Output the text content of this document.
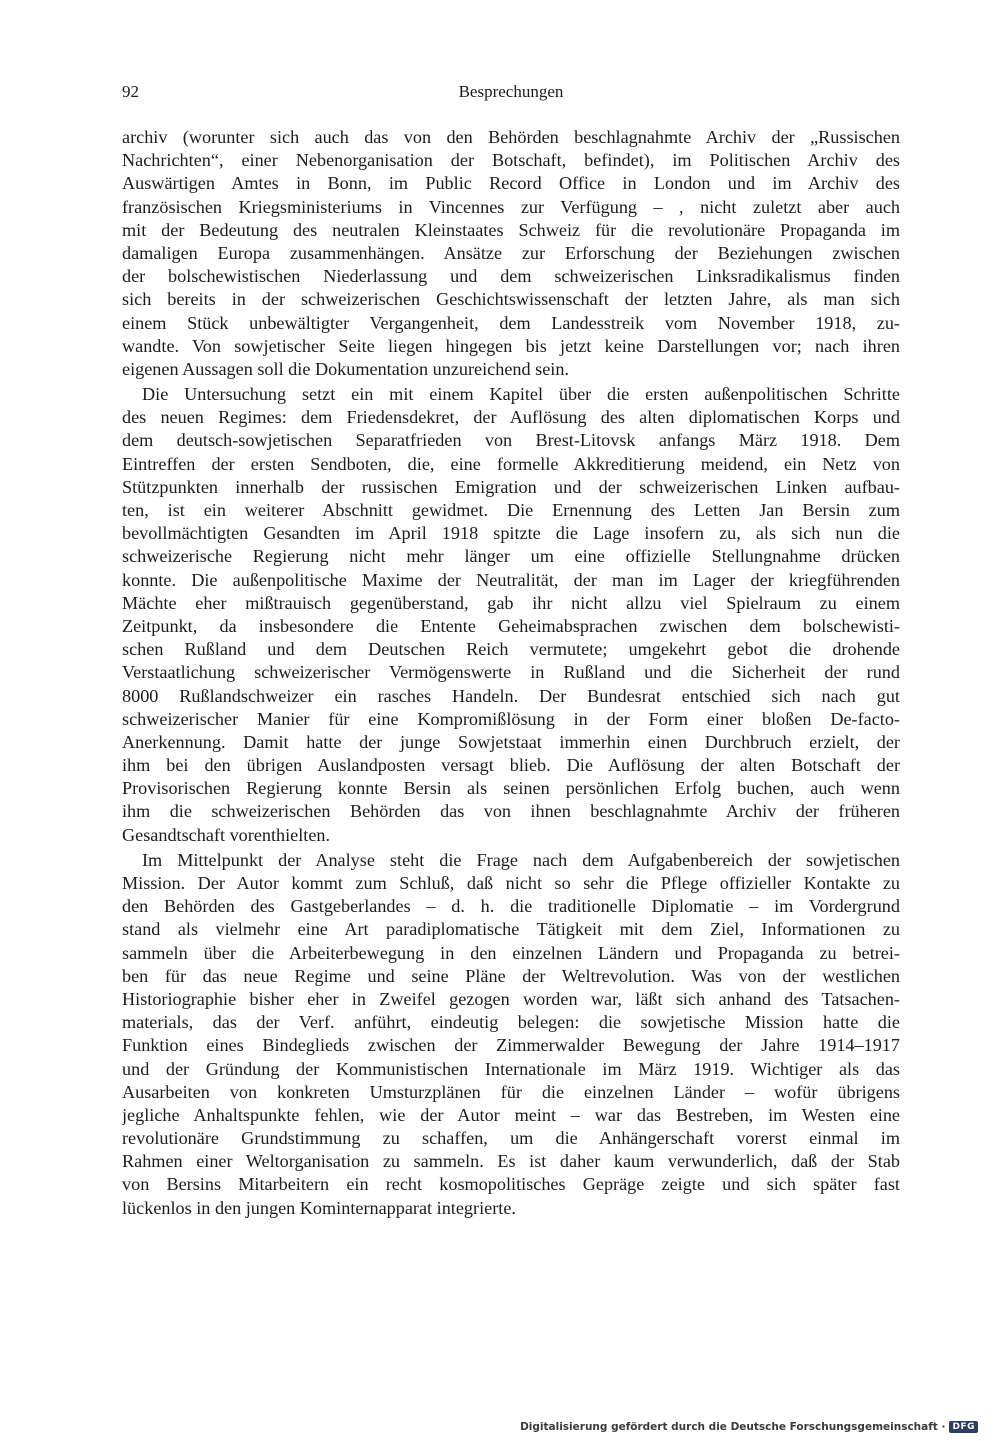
92	Besprechungen
archiv (worunter sich auch das von den Behörden beschlagnahmte Archiv der „Russischen
Nachrichten“, einer Nebenorganisation der Botschaft, befindet), im Politischen Archiv des
Auswärtigen Amtes in Bonn, im Public Record Office in London und im Archiv des
französischen Kriegsministeriums in Vincennes zur Verfügung – , nicht zuletzt aber auch
mit der Bedeutung des neutralen Kleinstaates Schweiz für die revolutionäre Propaganda im
damaligen Europa zusammenhängen. Ansätze zur Erforschung der Beziehungen zwischen
der bolschewistischen Niederlassung und dem schweizerischen Linksradikalismus finden
sich bereits in der schweizerischen Geschichtswissenschaft der letzten Jahre, als man sich
einem Stück unbewältigter Vergangenheit, dem Landesstreik vom November 1918, zu-
wandte. Von sowjetischer Seite liegen hingegen bis jetzt keine Darstellungen vor; nach ihren
eigenen Aussagen soll die Dokumentation unzureichend sein.
Die Untersuchung setzt ein mit einem Kapitel über die ersten außenpolitischen Schritte
des neuen Regimes: dem Friedensdekret, der Auflösung des alten diplomatischen Korps und
dem deutsch-sowjetischen Separatfrieden von Brest-Litovsk anfangs März 1918. Dem
Eintreffen der ersten Sendboten, die, eine formelle Akkreditierung meidend, ein Netz von
Stützpunkten innerhalb der russischen Emigration und der schweizerischen Linken aufbau-
ten, ist ein weiterer Abschnitt gewidmet. Die Ernennung des Letten Jan Bersin zum
bevollmächtigten Gesandten im April 1918 spitzte die Lage insofern zu, als sich nun die
schweizerische Regierung nicht mehr länger um eine offizielle Stellungnahme drücken
konnte. Die außenpolitische Maxime der Neutralität, der man im Lager der kriegführenden
Mächte eher mißtrauisch gegenüberstand, gab ihr nicht allzu viel Spielraum zu einem
Zeitpunkt, da insbesondere die Entente Geheimabsprachen zwischen dem bolschewisti-
schen Rußland und dem Deutschen Reich vermutete; umgekehrt gebot die drohende
Verstaatlichung schweizerischer Vermögenswerte in Rußland und die Sicherheit der rund
8000 Rußlandschweizer ein rasches Handeln. Der Bundesrat entschied sich nach gut
schweizerischer Manier für eine Kompromißlösung in der Form einer bloßen De-facto-
Anerkennung. Damit hatte der junge Sowjetstaat immerhin einen Durchbruch erzielt, der
ihm bei den übrigen Auslandposten versagt blieb. Die Auflösung der alten Botschaft der
Provisorischen Regierung konnte Bersin als seinen persönlichen Erfolg buchen, auch wenn
ihm die schweizerischen Behörden das von ihnen beschlagnahmte Archiv der früheren
Gesandtschaft vorenthielten.
Im Mittelpunkt der Analyse steht die Frage nach dem Aufgabenbereich der sowjetischen
Mission. Der Autor kommt zum Schluß, daß nicht so sehr die Pflege offizieller Kontakte zu
den Behörden des Gastgeberlandes – d. h. die traditionelle Diplomatie – im Vordergrund
stand als vielmehr eine Art paradiplomatische Tätigkeit mit dem Ziel, Informationen zu
sammeln über die Arbeiterbewegung in den einzelnen Ländern und Propaganda zu betrei-
ben für das neue Regime und seine Pläne der Weltrevolution. Was von der westlichen
Historiographie bisher eher in Zweifel gezogen worden war, läßt sich anhand des Tatsachen-
materials, das der Verf. anführt, eindeutig belegen: die sowjetische Mission hatte die
Funktion eines Bindeglieds zwischen der Zimmerwalder Bewegung der Jahre 1914–1917
und der Gründung der Kommunistischen Internationale im März 1919. Wichtiger als das
Ausarbeiten von konkreten Umsturzplänen für die einzelnen Länder – wofür übrigens
jegliche Anhaltspunkte fehlen, wie der Autor meint – war das Bestreben, im Westen eine
revolutionäre Grundstimmung zu schaffen, um die Anhängerschaft vorerst einmal im
Rahmen einer Weltorganisation zu sammeln. Es ist daher kaum verwunderlich, daß der Stab
von Bersins Mitarbeitern ein recht kosmopolitisches Gepräge zeigte und sich später fast
lückenlos in den jungen Kominternapparat integrierte.
Digitalisierung gefördert durch die Deutsche Forschungsgemeinschaft · DFG
